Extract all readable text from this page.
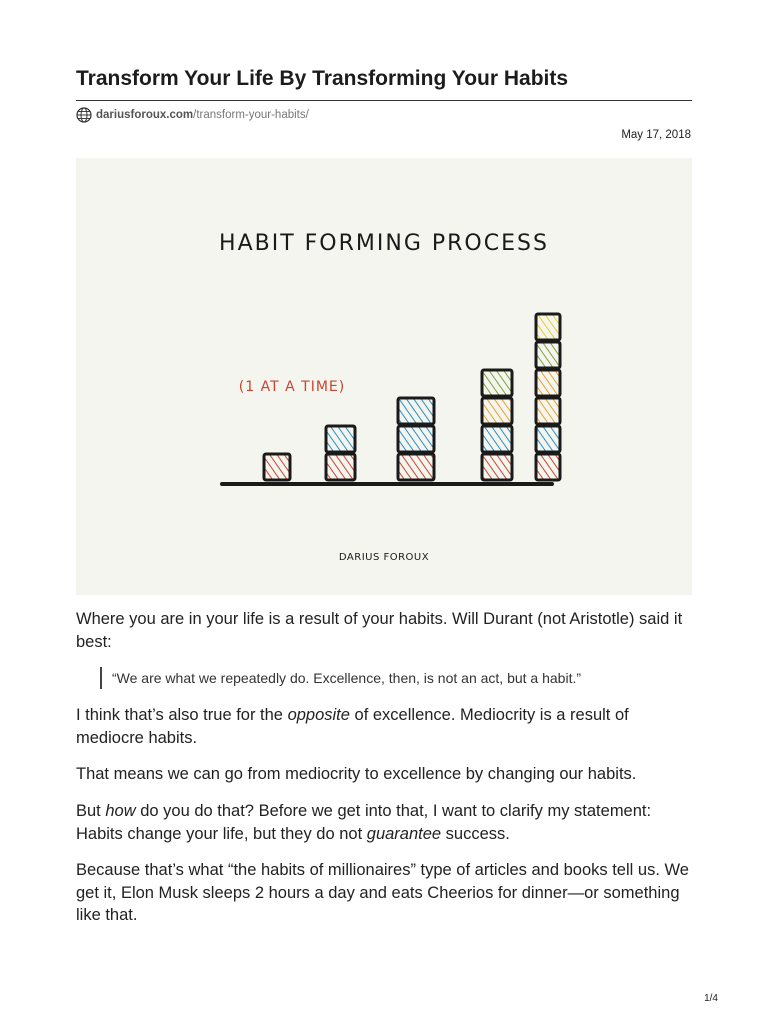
Transform Your Life By Transforming Your Habits
dariusforoux.com /transform-your-habits/
May 17, 2018
HABIT FORMING PROCESS
(1 AT A TIME)
DARIUS FOROUX

Where you are in your life is a result of your habits. Will Durant (not Aristotle) said it best:

“We are what we repeatedly do. Excellence, then, is not an act, but a habit.”

I think that’s also true for the opposite of excellence. Mediocrity is a result of mediocre habits.

That means we can go from mediocrity to excellence by changing our habits.

But how do you do that? Before we get into that, I want to clarify my statement: Habits change your life, but they do not guarantee success.

Because that’s what “the habits of millionaires” type of articles and books tell us. We get it, Elon Musk sleeps 2 hours a day and eats Cheerios for dinner—or something like that.

1/4
